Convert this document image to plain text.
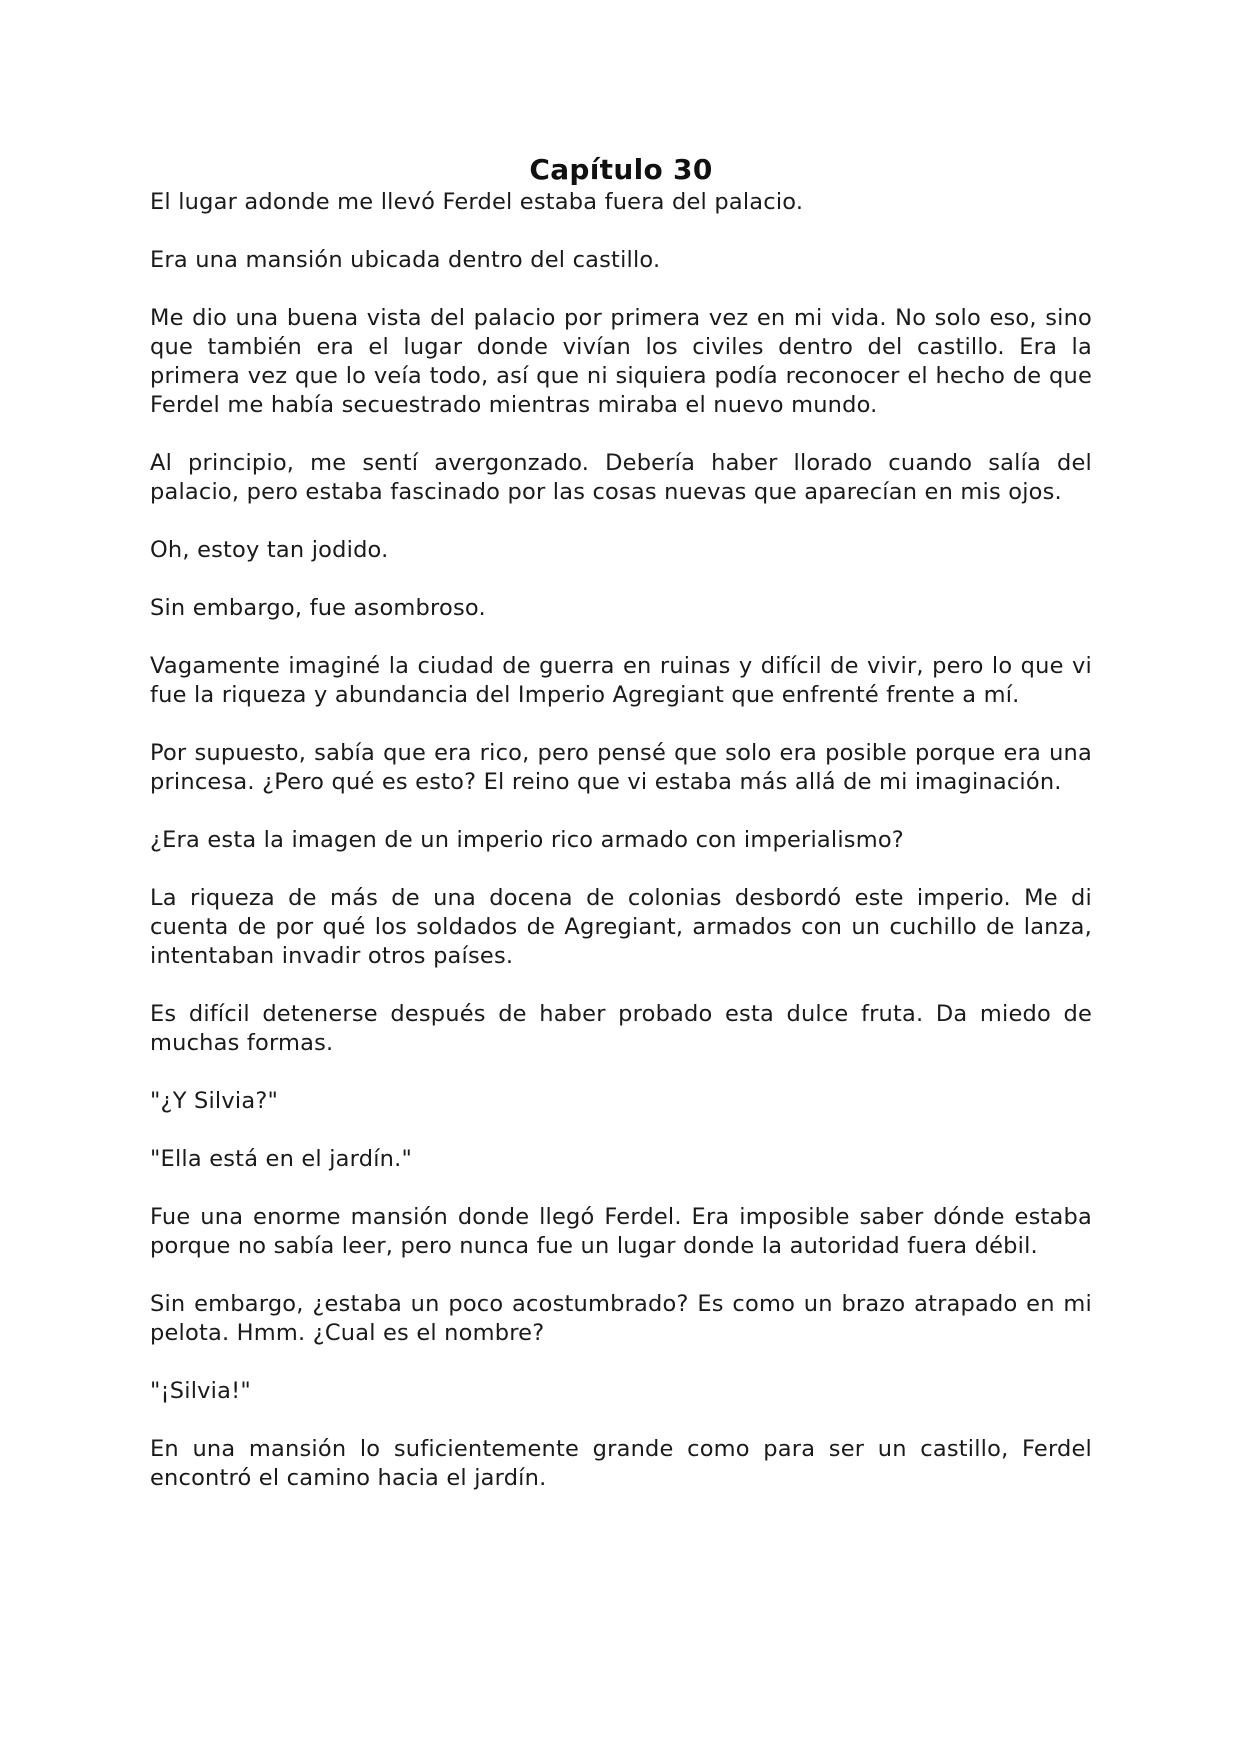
Capítulo 30

El lugar adonde me llevó Ferdel estaba fuera del palacio.

Era una mansión ubicada dentro del castillo.

Me dio una buena vista del palacio por primera vez en mi vida. No solo eso, sino que también era el lugar donde vivían los civiles dentro del castillo. Era la primera vez que lo veía todo, así que ni siquiera podía reconocer el hecho de que Ferdel me había secuestrado mientras miraba el nuevo mundo.

Al principio, me sentí avergonzado. Debería haber llorado cuando salía del palacio, pero estaba fascinado por las cosas nuevas que aparecían en mis ojos.

Oh, estoy tan jodido.

Sin embargo, fue asombroso.

Vagamente imaginé la ciudad de guerra en ruinas y difícil de vivir, pero lo que vi fue la riqueza y abundancia del Imperio Agregiant que enfrenté frente a mí.

Por supuesto, sabía que era rico, pero pensé que solo era posible porque era una princesa. ¿Pero qué es esto? El reino que vi estaba más allá de mi imaginación.

¿Era esta la imagen de un imperio rico armado con imperialismo?

La riqueza de más de una docena de colonias desbordó este imperio. Me di cuenta de por qué los soldados de Agregiant, armados con un cuchillo de lanza, intentaban invadir otros países.

Es difícil detenerse después de haber probado esta dulce fruta. Da miedo de muchas formas.

"¿Y Silvia?"

"Ella está en el jardín."

Fue una enorme mansión donde llegó Ferdel. Era imposible saber dónde estaba porque no sabía leer, pero nunca fue un lugar donde la autoridad fuera débil.

Sin embargo, ¿estaba un poco acostumbrado? Es como un brazo atrapado en mi pelota. Hmm. ¿Cual es el nombre?

"¡Silvia!"

En una mansión lo suficientemente grande como para ser un castillo, Ferdel encontró el camino hacia el jardín.
